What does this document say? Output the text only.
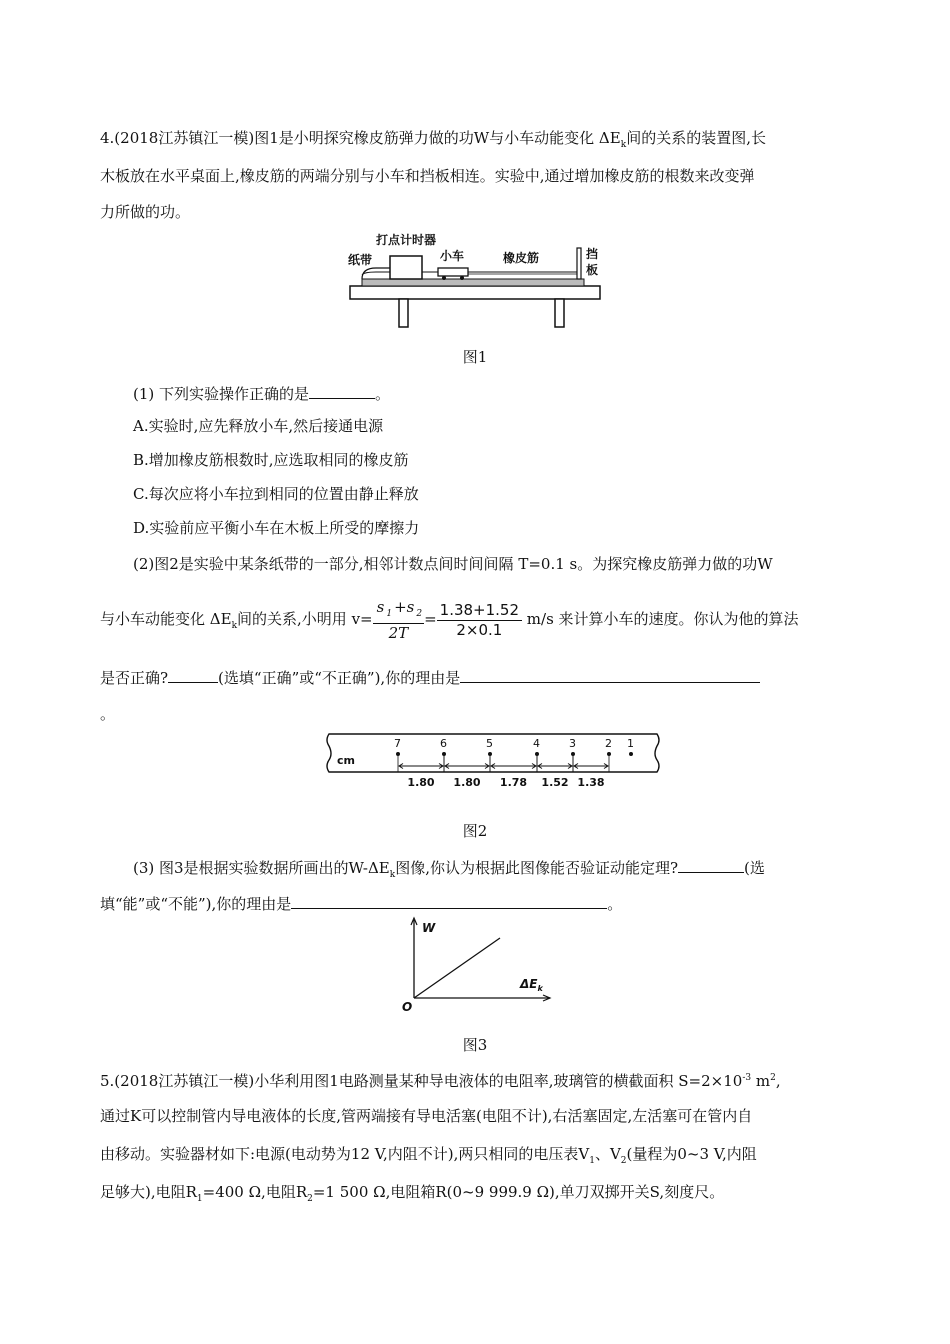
4.(2018江苏镇江一模)图1是小明探究橡皮筋弹力做的功W与小车动能变化 $\Delta E_k$间的关系的装置图,长
木板放在水平桌面上,橡皮筋的两端分别与小车和挡板相连。实验中,通过增加橡皮筋的根数来改变弹
力所做的功。
打点计时器
纸带	小车	橡皮筋	挡
板
图1
(1) 下列实验操作正确的是	。
A.实验时,应先释放小车,然后接通电源
B.增加橡皮筋根数时,应选取相同的橡皮筋
C.每次应将小车拉到相同的位置由静止释放
D.实验前应平衡小车在木板上所受的摩擦力
(2)图2是实验中某条纸带的一部分,相邻计数点间时间间隔 T=0.1 s。为探究橡皮筋弹力做的功W
与小车动能变化 $\Delta E_k$间的关系,小明用 $v= \frac{s _1 +s _2}{2T} = \frac{1.38+1.52}{2\times 0.1} m/s$ 来计算小车的速度。你认为他的算法
是否正确?	(选填“正确”或“不正确”),你的理由是
。
cm
7	6	5	4	3	2 1
1.80 1.80 1.78 1.52 1.38
图2
(3) 图3是根据实验数据所画出的$W-\Delta E_k$图像,你认为根据此图像能否验证动能定理?	(选
填“能”或“不能”),你的理由是	。
W
$\Delta E_k$
O
图3
5.(2018江苏镇江一模)小华利用图1电路测量某种导电液体的电阻率,玻璃管的横截面积 $S=2\times 10^{-3}$ $m^2$,
通过K可以控制管内导电液体的长度,管两端接有导电活塞(电阻不计),右活塞固定,左活塞可在管内自
由移动。实验器材如下:电源(电动势为12 V,内阻不计),两只相同的电压表$V_1$、$V_2$(量程为0~3 V,内阻
足够大),电阻$R_1=400$ Ω,电阻$R_2=1$ 500 Ω,电阻箱R(0~9 999.9 Ω),单刀双掷开关S,刻度尺。
